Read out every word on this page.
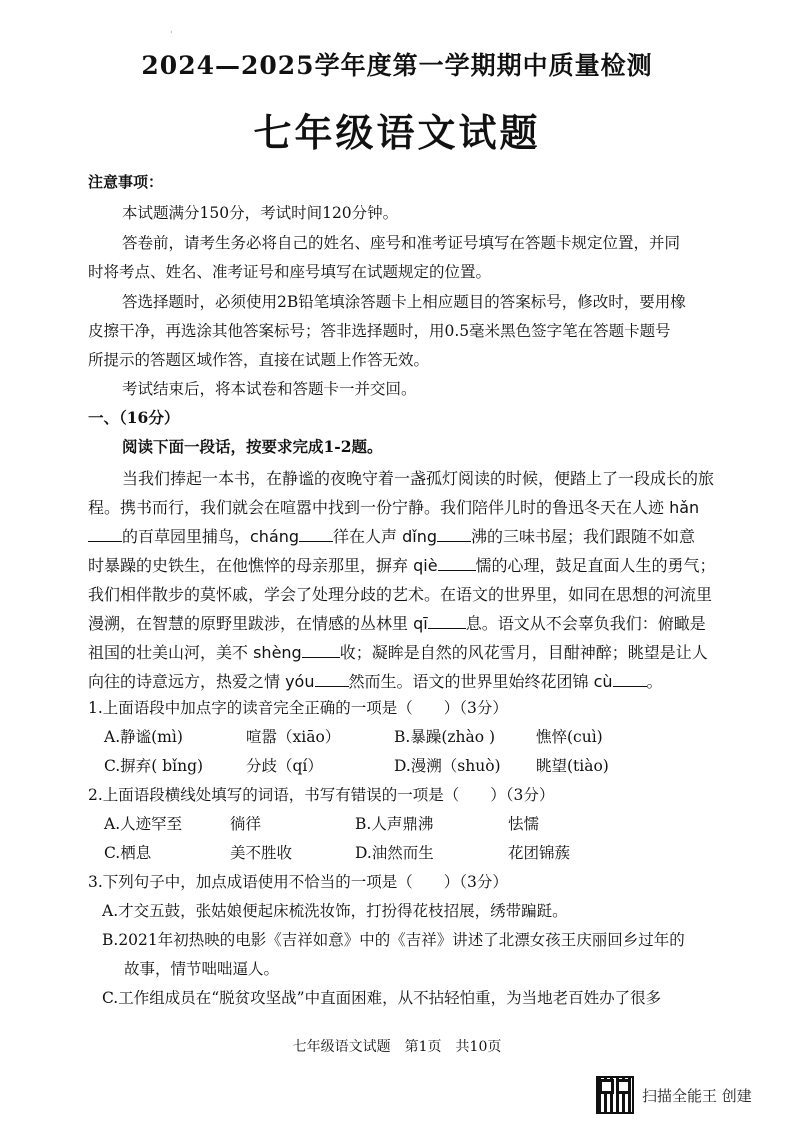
·
2024—2025学年度第一学期期中质量检测
七年级语文试题
注意事项：
本试题满分150分，考试时间120分钟。
答卷前，请考生务必将自己的姓名、座号和准考证号填写在答题卡规定位置，并同
时将考点、姓名、准考证号和座号填写在试题规定的位置。
答选择题时，必须使用2B铅笔填涂答题卡上相应题目的答案标号，修改时，要用橡
皮擦干净，再选涂其他答案标号；答非选择题时，用0.5毫米黑色签字笔在答题卡题号
所提示的答题区域作答，直接在试题上作答无效。
考试结束后，将本试卷和答题卡一并交回。
一、（16分）
阅读下面一段话，按要求完成1-2题。
当我们捧起一本书，在静谧的夜晚守着一盏孤灯阅读的时候，便踏上了一段成长的旅
程。携书而行，我们就会在喧嚣中找到一份宁静。我们陪伴儿时的鲁迅冬天在人迹 hǎn
的百草园里捕鸟，cháng 徉在人声 dǐng 沸的三味书屋；我们跟随不如意
时暴躁的史铁生，在他憔悴的母亲那里，摒弃 qiè 懦的心理，鼓足直面人生的勇气；
我们相伴散步的莫怀戚，学会了处理分歧的艺术。在语文的世界里，如同在思想的河流里
漫溯，在智慧的原野里跋涉，在情感的丛林里 qī 息。语文从不会辜负我们：俯瞰是
祖国的壮美山河，美不 shèng 收；凝眸是自然的风花雪月，目酣神醉；眺望是让人
向往的诗意远方，热爱之情 yóu 然而生。语文的世界里始终花团锦 cù 。
1.上面语段中加点字的读音完全正确的一项是（　　）（3分）
A.静谧(mì)	喧嚣（xiāo）	B.暴躁(zhào )	憔悴(cuì)
C.摒弃( bǐng)	分歧（qí）	D.漫溯（shuò) 眺望(tiào)
2.上面语段横线处填写的词语，书写有错误的一项是（　　）（3分）
A.人迹罕至	徜徉	B.人声鼎沸	怯懦
C.栖息	美不胜收	D.油然而生	花团锦蔟
3.下列句子中，加点成语使用不恰当的一项是（　　）（3分）
A.才交五鼓，张姑娘便起床梳洗妆饰，打扮得花枝招展，绣带蹁跹。
B.2021年初热映的电影《吉祥如意》中的《吉祥》讲述了北漂女孩王庆丽回乡过年的
故事，情节咄咄逼人。
C.工作组成员在“脱贫攻坚战”中直面困难，从不拈轻怕重，为当地老百姓办了很多
七年级语文试题　第1页　共10页
扫描全能王 创建
